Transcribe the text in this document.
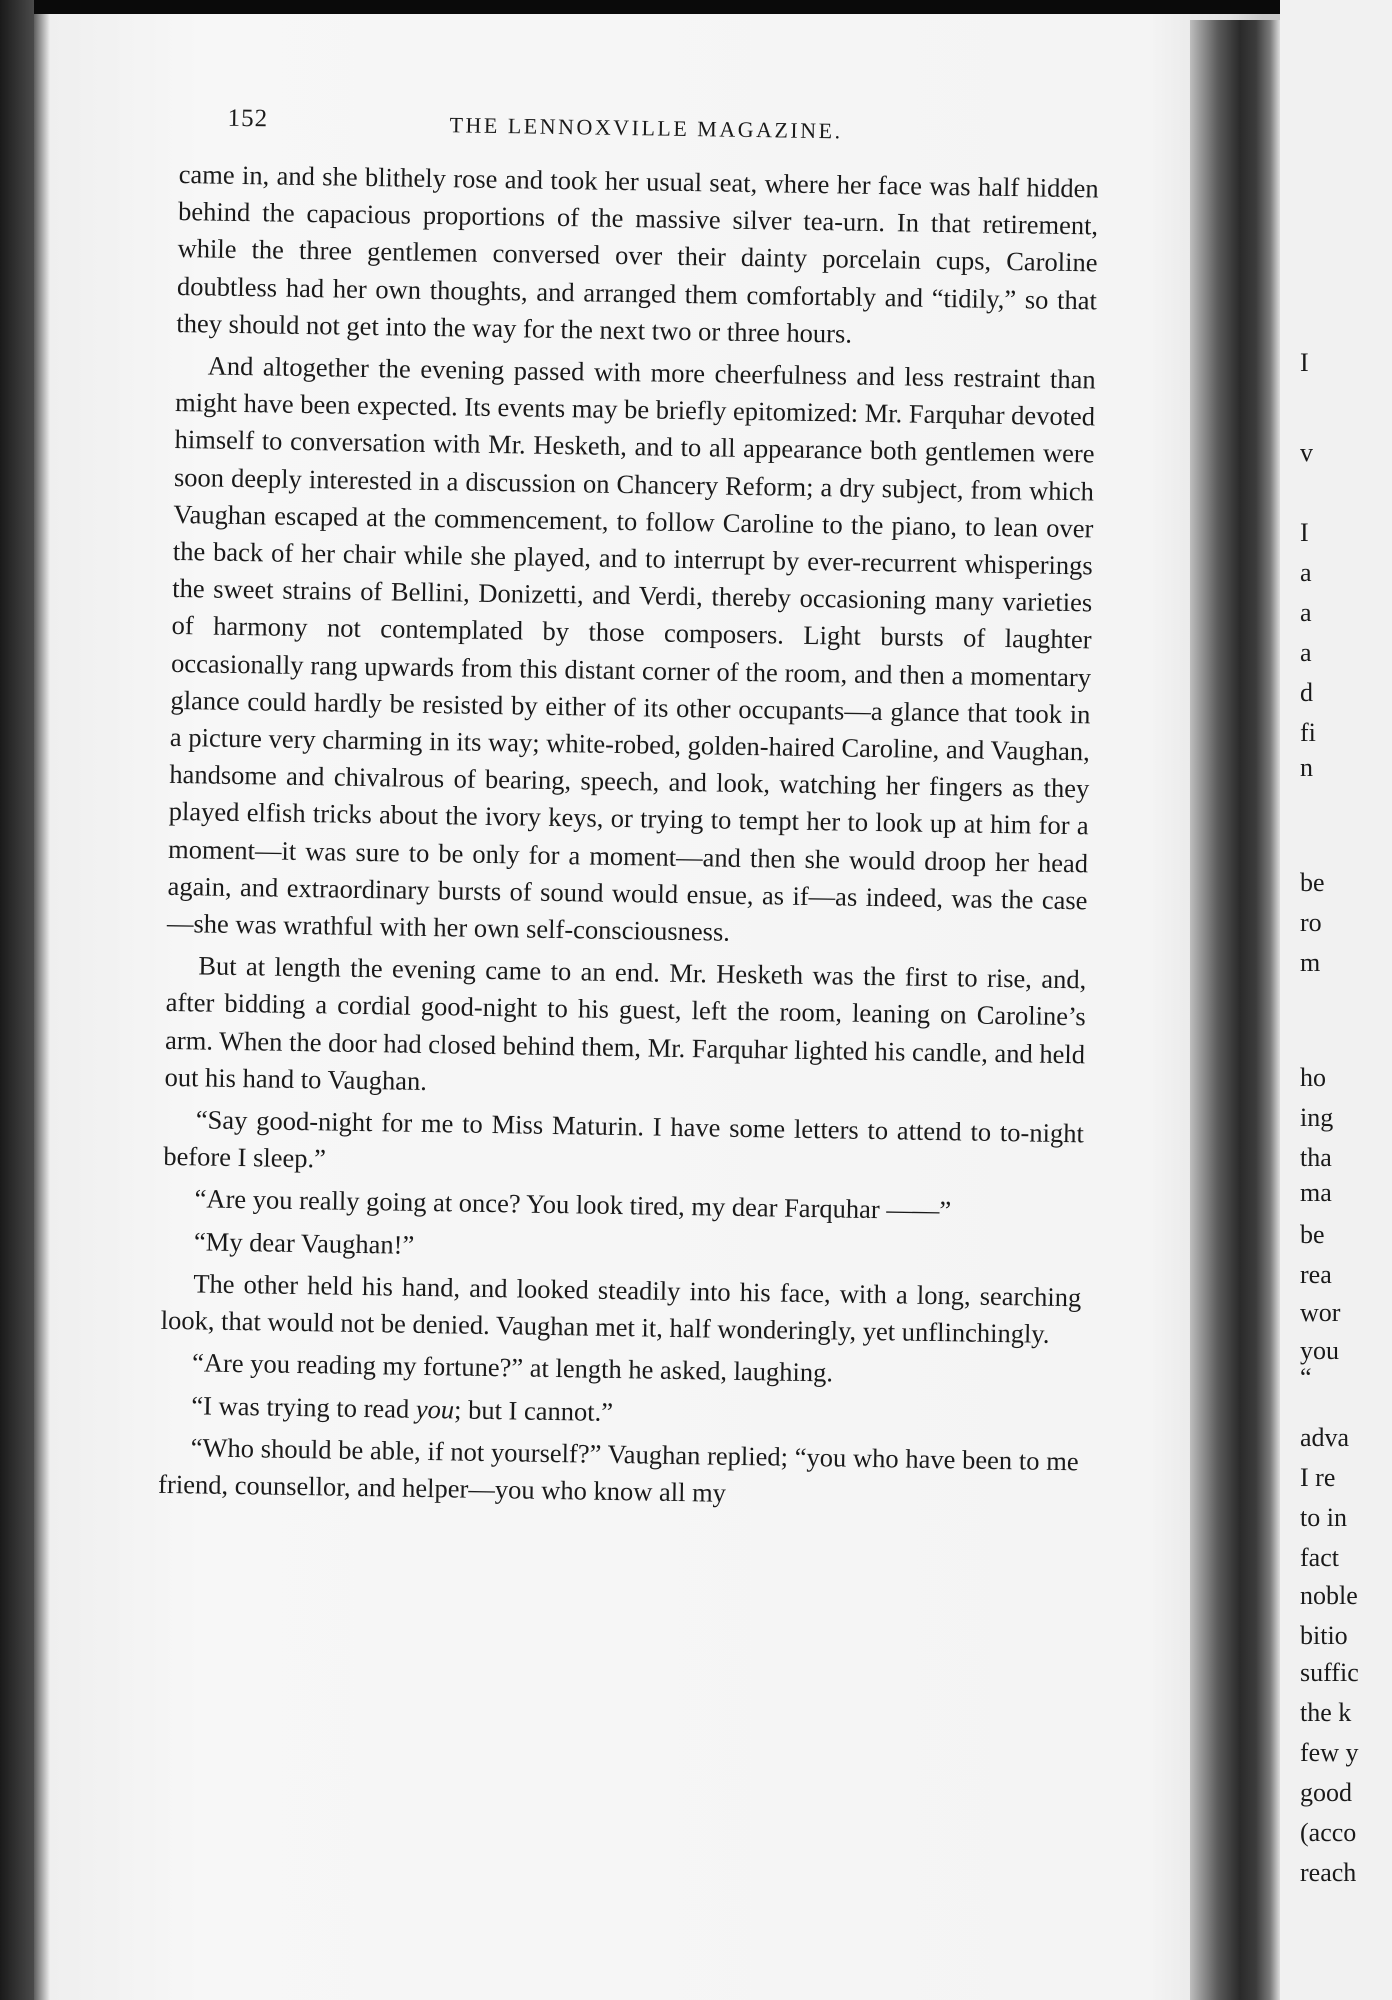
152	THE LENNOXVILLE MAGAZINE.

came in, and she blithely rose and took her usual seat, where her face was half hidden behind the capacious proportions of the massive silver tea-urn. In that retirement, while the three gentlemen conversed over their dainty porcelain cups, Caroline doubtless had her own thoughts, and arranged them comfortably and “tidily,” so that they should not get into the way for the next two or three hours.

And altogether the evening passed with more cheerfulness and less restraint than might have been expected. Its events may be briefly epitomized: Mr. Farquhar devoted himself to conversation with Mr. Hesketh, and to all appearance both gentlemen were soon deeply interested in a discussion on Chancery Reform; a dry subject, from which Vaughan escaped at the commencement, to follow Caroline to the piano, to lean over the back of her chair while she played, and to interrupt by ever-recurrent whisperings the sweet strains of Bellini, Donizetti, and Verdi, thereby occasioning many varieties of harmony not contemplated by those composers. Light bursts of laughter occasionally rang upwards from this distant corner of the room, and then a momentary glance could hardly be resisted by either of its other occupants—a glance that took in a picture very charming in its way; white-robed, golden-haired Caroline, and Vaughan, handsome and chivalrous of bearing, speech, and look, watching her fingers as they played elfish tricks about the ivory keys, or trying to tempt her to look up at him for a moment—it was sure to be only for a moment—and then she would droop her head again, and extraordinary bursts of sound would ensue, as if—as indeed, was the case—she was wrathful with her own self-consciousness.

But at length the evening came to an end. Mr. Hesketh was the first to rise, and, after bidding a cordial good-night to his guest, left the room, leaning on Caroline’s arm. When the door had closed behind them, Mr. Farquhar lighted his candle, and held out his hand to Vaughan.

“Say good-night for me to Miss Maturin. I have some letters to attend to to-night before I sleep.”

“Are you really going at once? You look tired, my dear Farquhar ——”

“My dear Vaughan!”

The other held his hand, and looked steadily into his face, with a long, searching look, that would not be denied. Vaughan met it, half wonderingly, yet unflinchingly.

“Are you reading my fortune?” at length he asked, laughing.

“I was trying to read you; but I cannot.”

“Who should be able, if not yourself?” Vaughan replied; “you who have been to me friend, counsellor, and helper—you who know all my

I
v
I
a
a
a
d
fi
n
be
ro
m
ho
ing
tha
ma
be
rea
wor
you
“
adva
I re
to in
fact
noble
bitio
suffic
the k
few y
good
(acco
reach
